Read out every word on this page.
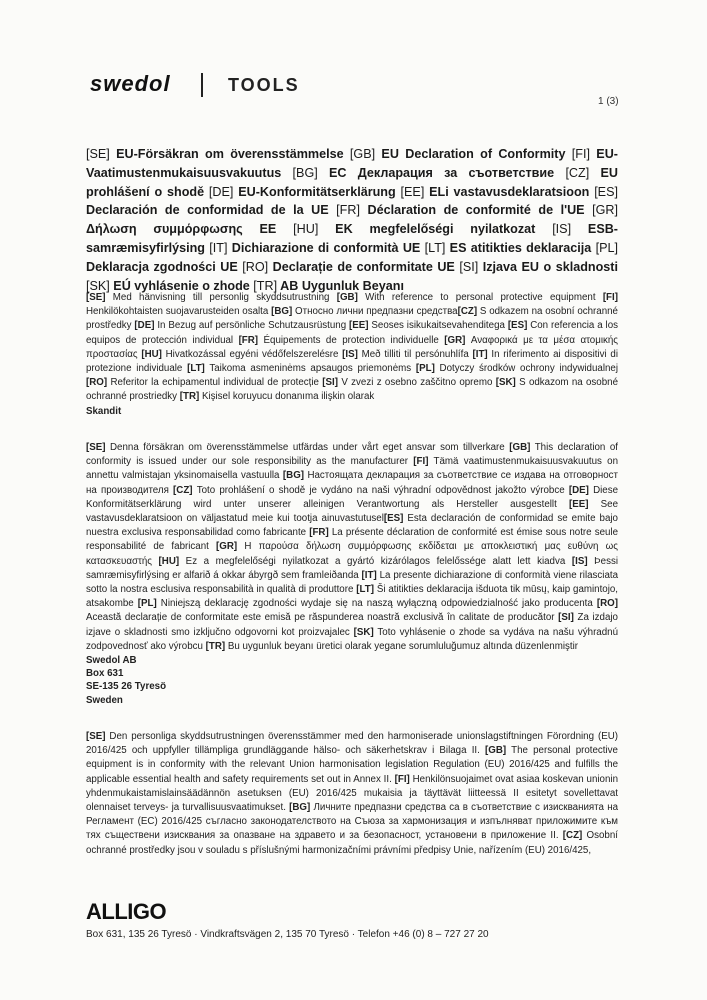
swedol	TOOLS
1 (3)
[SE] EU-Försäkran om överensstämmelse [GB] EU Declaration of Conformity [FI] EU-Vaatimustenmukaisuusvakuutus [BG] EC Декларация за съответствие [CZ] EU prohlášení o shodě [DE] EU-Konformitätserklärung [EE] ELi vastavusdeklaratsioon [ES] Declaración de conformidad de la UE [FR] Déclaration de conformité de l'UE [GR] Δήλωση συμμόρφωσης ΕΕ [HU] EK megfelelőségi nyilatkozat [IS] ESB-samræmisyfirlýsing [IT] Dichiarazione di conformità UE [LT] ES atitikties deklaracija [PL] Deklaracja zgodności UE [RO] Declarație de conformitate UE [SI] Izjava EU o skladnosti [SK] EÚ vyhlásenie o zhode [TR] AB Uygunluk Beyanı
[SE] Med hänvisning till personlig skyddsutrustning [GB] With reference to personal protective equipment [FI] Henkilökohtaisten suojavarusteiden osalta [BG] Относно лични предпазни средства[CZ] S odkazem na osobní ochranné prostředky [DE] In Bezug auf persönliche Schutzausrüstung [EE] Seoses isikukaitsevahenditega [ES] Con referencia a los equipos de protección individual [FR] Équipements de protection individuelle [GR] Αναφορικά με τα μέσα ατομικής προστασίας [HU] Hivatkozással egyéni védőfelszerelésre [IS] Með tilliti til persónuhlífa [IT] In riferimento ai dispositivi di protezione individuale [LT] Taikoma asmeninėms apsaugos priemonėms [PL] Dotyczy środków ochrony indywidualnej [RO] Referitor la echipamentul individual de protecție [SI] V zvezi z osebno zaščitno opremo [SK] S odkazom na osobné ochranné prostriedky [TR] Kişisel koruyucu donanıma ilişkin olarak
Skandit
[SE] Denna försäkran om överensstämmelse utfärdas under vårt eget ansvar som tillverkare [GB] This declaration of conformity is issued under our sole responsibility as the manufacturer [FI] Tämä vaatimustenmukaisuusvakuutus on annettu valmistajan yksinomaisella vastuulla [BG] Настоящата декларация за съответствие се издава на отговорност на производителя [CZ] Toto prohlášení o shodě je vydáno na naši výhradní odpovědnost jakožto výrobce [DE] Diese Konformitätserklärung wird unter unserer alleinigen Verantwortung als Hersteller ausgestellt [EE] See vastavusdeklaratsioon on väljastatud meie kui tootja ainuvastutusel[ES] Esta declaración de conformidad se emite bajo nuestra exclusiva responsabilidad como fabricante [FR] La présente déclaration de conformité est émise sous notre seule responsabilité de fabricant [GR] Η παρούσα δήλωση συμμόρφωσης εκδίδεται με αποκλειστική μας ευθύνη ως κατασκευαστής [HU] Ez a megfelelőségi nyilatkozat a gyártó kizárólagos felelőssége alatt lett kiadva [IS] Þessi samræmisyfirlýsing er alfarið á okkar ábyrgð sem framleiðanda [IT] La presente dichiarazione di conformità viene rilasciata sotto la nostra esclusiva responsabilità in qualità di produttore [LT] Ši atitikties deklaracija išduota tik mūsų, kaip gamintojo, atsakombe [PL] Niniejszą deklarację zgodności wydaje się na naszą wyłączną odpowiedzialność jako producenta [RO] Această declarație de conformitate este emisă pe răspunderea noastră exclusivă în calitate de producător [SI] Za izdajo izjave o skladnosti smo izključno odgovorni kot proizvajalec [SK] Toto vyhlásenie o zhode sa vydáva na našu výhradnú zodpovednosť ako výrobcu [TR] Bu uygunluk beyanı üretici olarak yegane sorumluluğumuz altında düzenlenmiştir
Swedol AB
Box 631
SE-135 26 Tyresö
Sweden
[SE] Den personliga skyddsutrustningen överensstämmer med den harmoniserade unionslagstiftningen Förordning (EU) 2016/425 och uppfyller tillämpliga grundläggande hälso- och säkerhetskrav i Bilaga II. [GB] The personal protective equipment is in conformity with the relevant Union harmonisation legislation Regulation (EU) 2016/425 and fulfills the applicable essential health and safety requirements set out in Annex II. [FI] Henkilönsuojaimet ovat asiaa koskevan unionin yhdenmukaistamislainsäädännön asetuksen (EU) 2016/425 mukaisia ja täyttävät liitteessä II esitetyt sovellettavat olennaiset terveys- ja turvallisuusvaatimukset. [BG] Личните предпазни средства са в съответствие с изискванията на Регламент (ЕС) 2016/425 съгласно законодателството на Съюза за хармонизация и изпълняват приложимите към тях съществени изисквания за опазване на здравето и за безопасност, установени в приложение II. [CZ] Osobní ochranné prostředky jsou v souladu s příslušnými harmonizačními právními předpisy Unie, nařízením (EU) 2016/425,
ALLIGO
Box 631, 135 26 Tyresö · Vindkraftsvägen 2, 135 70 Tyresö · Telefon +46 (0) 8 – 727 27 20
